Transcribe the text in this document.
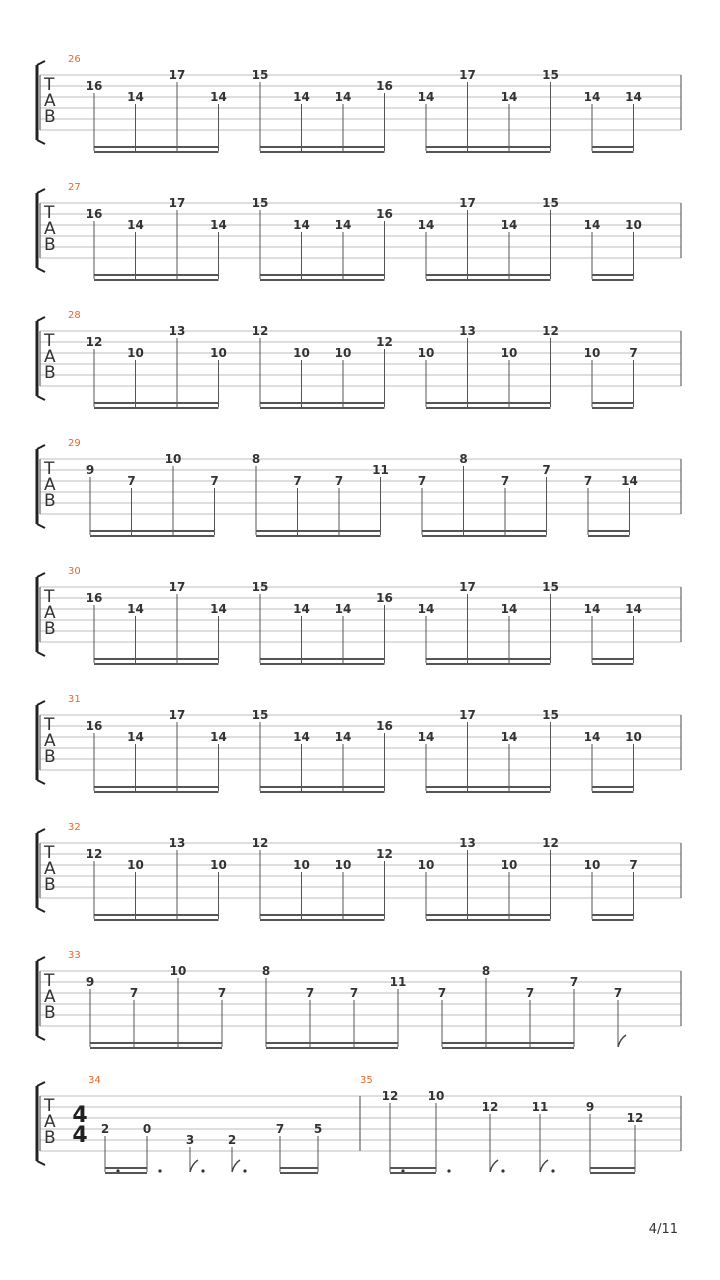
T
A
B
26
16
14
17
14
15
14 14
16
14
17
14
15
14 14
T
A
B
27
16
14
17
14
15
14 14
16
14
17
14
15
14 10
T
A
B
28
12
10
13
10
12
10 10
12
10
13
10
12
10 7
T
A
B
29
9
7
10
7
8
7	7
11
7
8
7
7
7 14
T
A
B
30
16
14
17
14
15
14 14
16
14
17
14
15
14 14
T
A
B
31
16
14
17
14
15
14 14
16
14
17
14
15
14 10
T
A
B
32
12
10
13
10
12
10 10
12
10
13
10
12
10 7
T
A
B
33
9
7
10
7
8
7	7
11
7
8
7
7
7
T
A
B
4
4
34
2	0
3	2
7 5
35
12 10
12	11	9
12
4/11
